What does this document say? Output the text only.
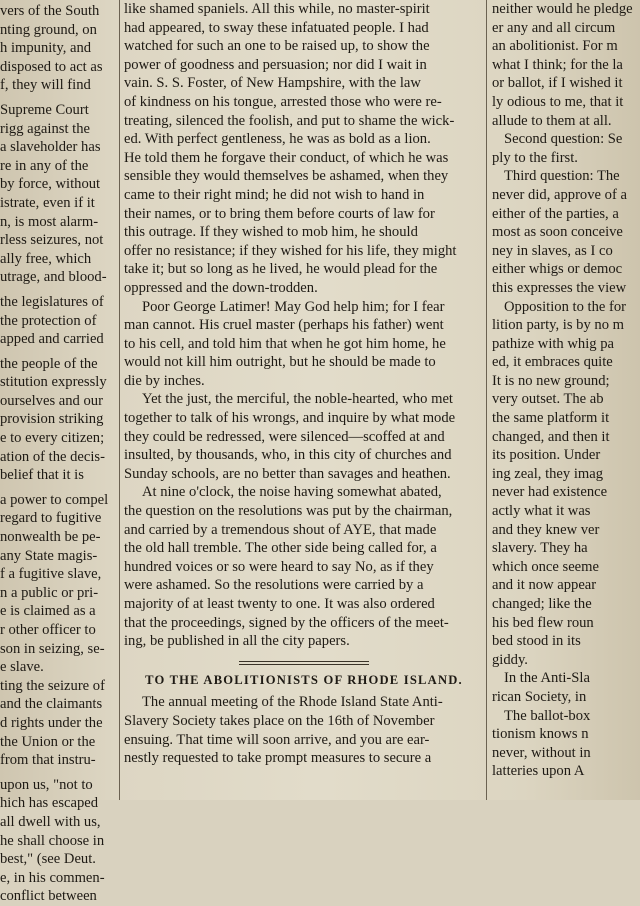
vers of the South

nting ground, on

h impunity, and

disposed to act as

f, they will find

Supreme Court

rigg against the

a slaveholder has

re in any of the

by force, without

istrate, even if it

n, is most alarm-

rless seizures, not

ally free, which

utrage, and blood-

the legislatures of

the protection of

apped and carried

the people of the

stitution expressly

ourselves and our

provision striking

e to every citizen;

ation of the decis-

belief that it is

a power to compel

regard to fugitive

nonwealth be pe-

any State magis-

f a fugitive slave,

n a public or pri-

e is claimed as a

r other officer to

son in seizing, se-

e slave.

ting the seizure of

and the claimants

d rights under the

the Union or the

from that instru-

upon us, "not to

hich has escaped

all dwell with us,

he shall choose in

best," (see Deut.

e, in his commen-

conflict between

like shamed spaniels. All this while, no master-spirit

had appeared, to sway these infatuated people. I had

watched for such an one to be raised up, to show the

power of goodness and persuasion; nor did I wait in

vain. S. S. Foster, of New Hampshire, with the law

of kindness on his tongue, arrested those who were re-

treating, silenced the foolish, and put to shame the wick-

ed. With perfect gentleness, he was as bold as a lion.

He told them he forgave their conduct, of which he was

sensible they would themselves be ashamed, when they

came to their right mind; he did not wish to hand in

their names, or to bring them before courts of law for

this outrage. If they wished to mob him, he should

offer no resistance; if they wished for his life, they might

take it; but so long as he lived, he would plead for the

oppressed and the down-trodden.

Poor George Latimer! May God help him; for I fear

man cannot. His cruel master (perhaps his father) went

to his cell, and told him that when he got him home, he

would not kill him outright, but he should be made to

die by inches.

Yet the just, the merciful, the noble-hearted, who met

together to talk of his wrongs, and inquire by what mode

they could be redressed, were silenced—scoffed at and

insulted, by thousands, who, in this city of churches and

Sunday schools, are no better than savages and heathen.

At nine o'clock, the noise having somewhat abated,

the question on the resolutions was put by the chairman,

and carried by a tremendous shout of AYE, that made

the old hall tremble. The other side being called for, a

hundred voices or so were heard to say No, as if they

were ashamed. So the resolutions were carried by a

majority of at least twenty to one. It was also ordered

that the proceedings, signed by the officers of the meet-

ing, be published in all the city papers.

TO THE ABOLITIONISTS OF RHODE ISLAND.

The annual meeting of the Rhode Island State Anti-

Slavery Society takes place on the 16th of November

ensuing. That time will soon arrive, and you are ear-

nestly requested to take prompt measures to secure a

neither would he pledge

er any and all circum

an abolitionist. For m

what I think; for the la

or ballot, if I wished it

ly odious to me, that it

allude to them at all.

Second question: Se

ply to the first.

Third question: The

never did, approve of a

either of the parties, a

most as soon conceive

ney in slaves, as I co

either whigs or democ

this expresses the view

Opposition to the for

lition party, is by no m

pathize with whig pa

ed, it embraces quite

It is no new ground;

very outset. The ab

the same platform it

changed, and then it

its position. Under

ing zeal, they imag

never had existence

actly what it was

and they knew ver

slavery. They ha

which once seeme

and it now appear

changed; like the

his bed flew roun

bed stood in its

giddy.

In the Anti-Sla

rican Society, in

The ballot-box

tionism knows n

never, without in

latteries upon A
